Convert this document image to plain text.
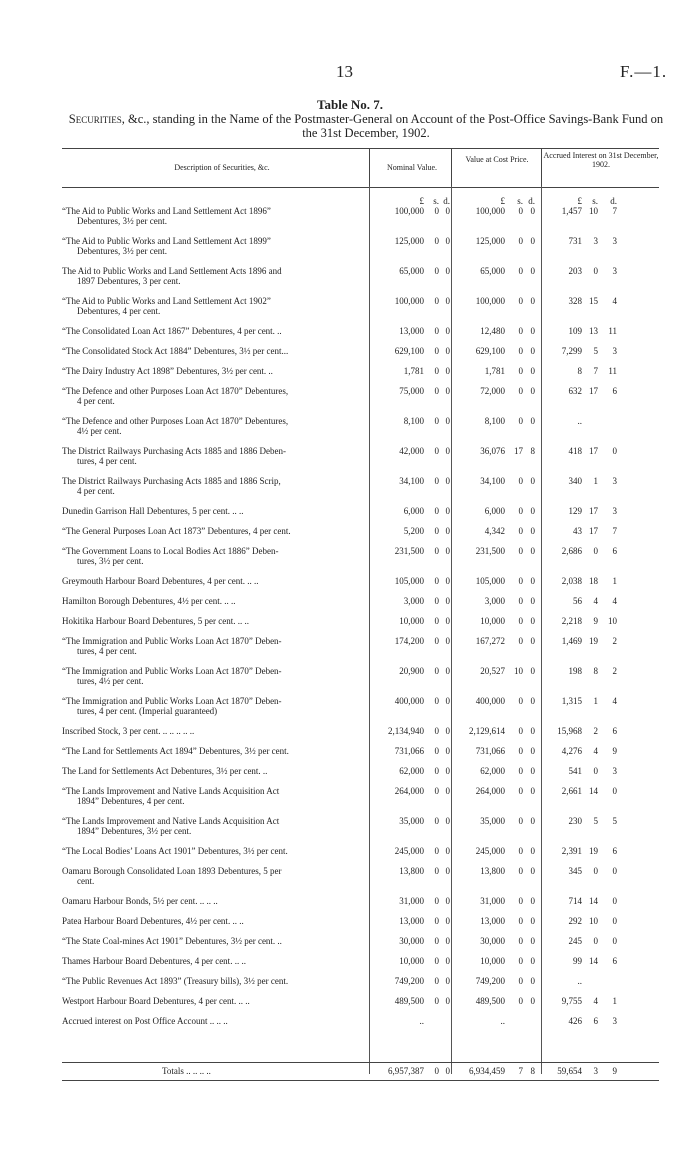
13	F.—1.
Table No. 7.
Securities, &c., standing in the Name of the Postmaster-General on Account of the Post-Office Savings-Bank Fund on the 31st December, 1902.
Description of Securities, &c.	Nominal Value.
Value at Cost Price.	Accrued Interest on 31st December, 1902.
£	s. d.	£	s. d.	£	s.	d.
“The Aid to Public Works and Land Settlement Act 1896”
Debentures, 3½ per cent.
100,000	0 0	100,000	0 0	1,457 10	7
“The Aid to Public Works and Land Settlement Act 1899”
Debentures, 3½ per cent.
125,000	0 0	125,000	0 0	731	3	3
The Aid to Public Works and Land Settlement Acts 1896 and
1897 Debentures, 3 per cent.
65,000	0 0	65,000	0 0	203	0	3
“The Aid to Public Works and Land Settlement Act 1902”
Debentures, 4 per cent.
100,000	0 0	100,000	0 0	328 15	4
“The Consolidated Loan Act 1867” Debentures, 4 per cent. ..	13,000	0 0	12,480	0 0	109 13	11
“The Consolidated Stock Act 1884” Debentures, 3½ per cent...	629,100	0 0	629,100	0 0	7,299	5	3
“The Dairy Industry Act 1898” Debentures, 3½ per cent. ..	1,781	0 0	1,781	0 0	8	7	11
“The Defence and other Purposes Loan Act 1870” Debentures,
4 per cent.
75,000	0 0	72,000	0 0	632 17	6
“The Defence and other Purposes Loan Act 1870” Debentures,
4½ per cent.
8,100	0 0	8,100	0 0	..
The District Railways Purchasing Acts 1885 and 1886 Deben-
tures, 4 per cent.
42,000	0 0	36,076	17 8	418 17	0
The District Railways Purchasing Acts 1885 and 1886 Scrip,
4 per cent.
34,100	0 0	34,100	0 0	340	1	3
Dunedin Garrison Hall Debentures, 5 per cent. .. ..	6,000	0 0	6,000	0 0	129 17	3
“The General Purposes Loan Act 1873” Debentures, 4 per cent.	5,200	0 0	4,342	0 0	43 17	7
“The Government Loans to Local Bodies Act 1886” Deben-
tures, 3½ per cent.
231,500	0 0	231,500	0 0	2,686	0	6
Greymouth Harbour Board Debentures, 4 per cent. .. ..	105,000	0 0	105,000	0 0	2,038 18	1
Hamilton Borough Debentures, 4½ per cent. .. ..	3,000	0 0	3,000	0 0	56	4	4
Hokitika Harbour Board Debentures, 5 per cent. .. ..	10,000	0 0	10,000	0 0	2,218	9	10
“The Immigration and Public Works Loan Act 1870” Deben-
tures, 4 per cent.
174,200	0 0	167,272	0 0	1,469 19	2
“The Immigration and Public Works Loan Act 1870” Deben-
tures, 4½ per cent.
20,900	0 0	20,527	10 0	198	8	2
“The Immigration and Public Works Loan Act 1870” Deben-
tures, 4 per cent. (Imperial guaranteed)
400,000	0 0	400,000	0 0	1,315	1	4
Inscribed Stock, 3 per cent. .. .. .. .. ..	2,134,940	0 0	2,129,614	0 0	15,968	2	6
“The Land for Settlements Act 1894” Debentures, 3½ per cent.	731,066	0 0	731,066	0 0	4,276	4	9
The Land for Settlements Act Debentures, 3½ per cent. ..	62,000	0 0	62,000	0 0	541	0	3
“The Lands Improvement and Native Lands Acquisition Act
1894” Debentures, 4 per cent.
264,000	0 0	264,000	0 0	2,661 14	0
“The Lands Improvement and Native Lands Acquisition Act
1894” Debentures, 3½ per cent.
35,000	0 0	35,000	0 0	230	5	5
“The Local Bodies’ Loans Act 1901” Debentures, 3½ per cent.	245,000	0 0	245,000	0 0	2,391 19	6
Oamaru Borough Consolidated Loan 1893 Debentures, 5 per
cent.
13,800	0 0	13,800	0 0	345	0	0
Oamaru Harbour Bonds, 5½ per cent. .. .. ..	31,000	0 0	31,000	0 0	714 14	0
Patea Harbour Board Debentures, 4½ per cent. .. ..	13,000	0 0	13,000	0 0	292 10	0
“The State Coal-mines Act 1901” Debentures, 3½ per cent. ..	30,000	0 0	30,000	0 0	245	0	0
Thames Harbour Board Debentures, 4 per cent. .. ..	10,000	0 0	10,000	0 0	99 14	6
“The Public Revenues Act 1893” (Treasury bills), 3½ per cent.	749,200	0 0	749,200	0 0	..
Westport Harbour Board Debentures, 4 per cent. .. ..	489,500	0 0	489,500	0 0	9,755	4	1
Accrued interest on Post Office Account .. .. ..	..	..	426	6	3
Totals .. .. .. ..	6,957,387	0 0	6,934,459	7 8	59,654	3	9
